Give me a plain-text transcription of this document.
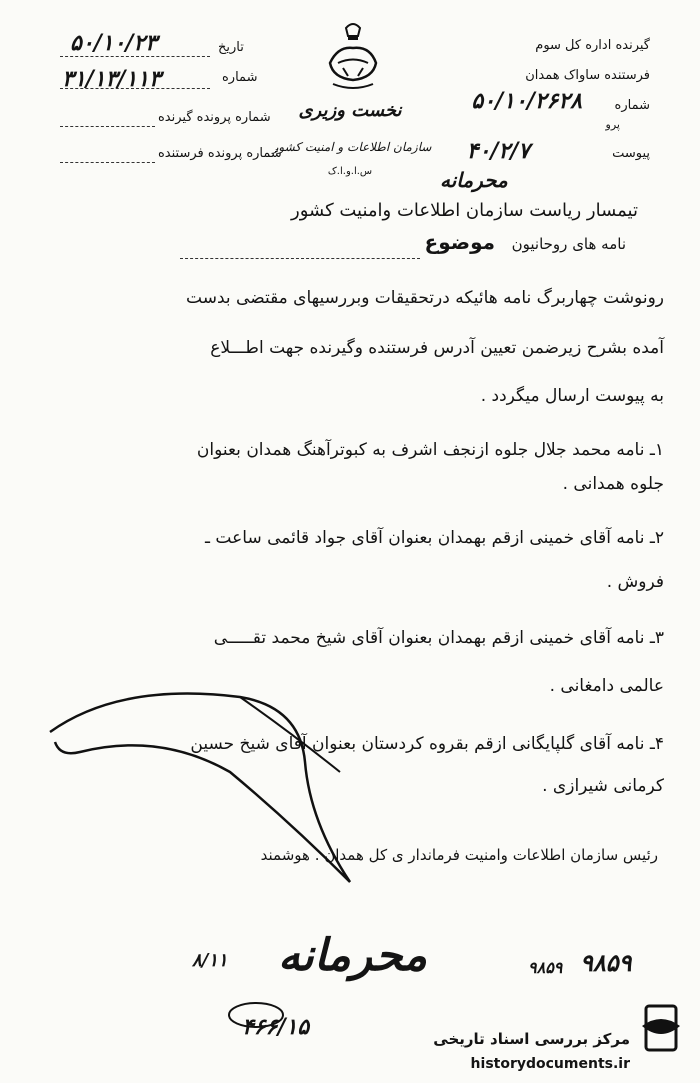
گیرنده اداره کل سوم
فرستنده ساواک همدان
شماره
پرو
پیوست
۵۰/۱۰/۲۶۲۸
۴۰/۲/۷
نخست وزیری
سازمان اطلاعات و امنیت کشور
س.ا.و.ا.ک
تاریخ
شماره
شماره پرونده گیرنده
شماره پرونده فرستنده
۵۰/۱۰/۲۳
۳۱/۱۳/۱۱۳
محرمانه
تیمسار ریاست سازمان اطلاعات وامنیت کشور
موضوع نامه های روحانیون
رونوشت چهاربرگ نامه هائیکه درتحقیقات وبررسیهای مقتضی بدست
آمده بشرح زیرضمن تعیین آدرس فرستنده وگیرنده جهت اطـــلاع
به پیوست ارسال میگردد .
۱ـ نامه محمد جلال جلوه ازنجف اشرف به کبوترآهنگ همدان بعنوان
جلوه همدانی .
۲ـ نامه آقای خمینی ازقم بهمدان بعنوان آقای جواد قائمی ساعت ـ
فروش .
۳ـ نامه آقای خمینی ازقم بهمدان بعنوان آقای شیخ محمد تقـــــی
عالمی دامغانی .
۴ـ نامه آقای گلپایگانی ازقم بقروه کردستان بعنوان آقای شیخ حسین
کرمانی شیرازی .
رئیس سازمان اطلاعات وامنیت فرماندار ی کل همدان . هوشمند
محرمانه
۸/۱۱	۹۸۵۹
۹۸۵۹
۴۶۶/۱۵	مرکز بررسی اسناد تاریخی
historydocuments.ir
